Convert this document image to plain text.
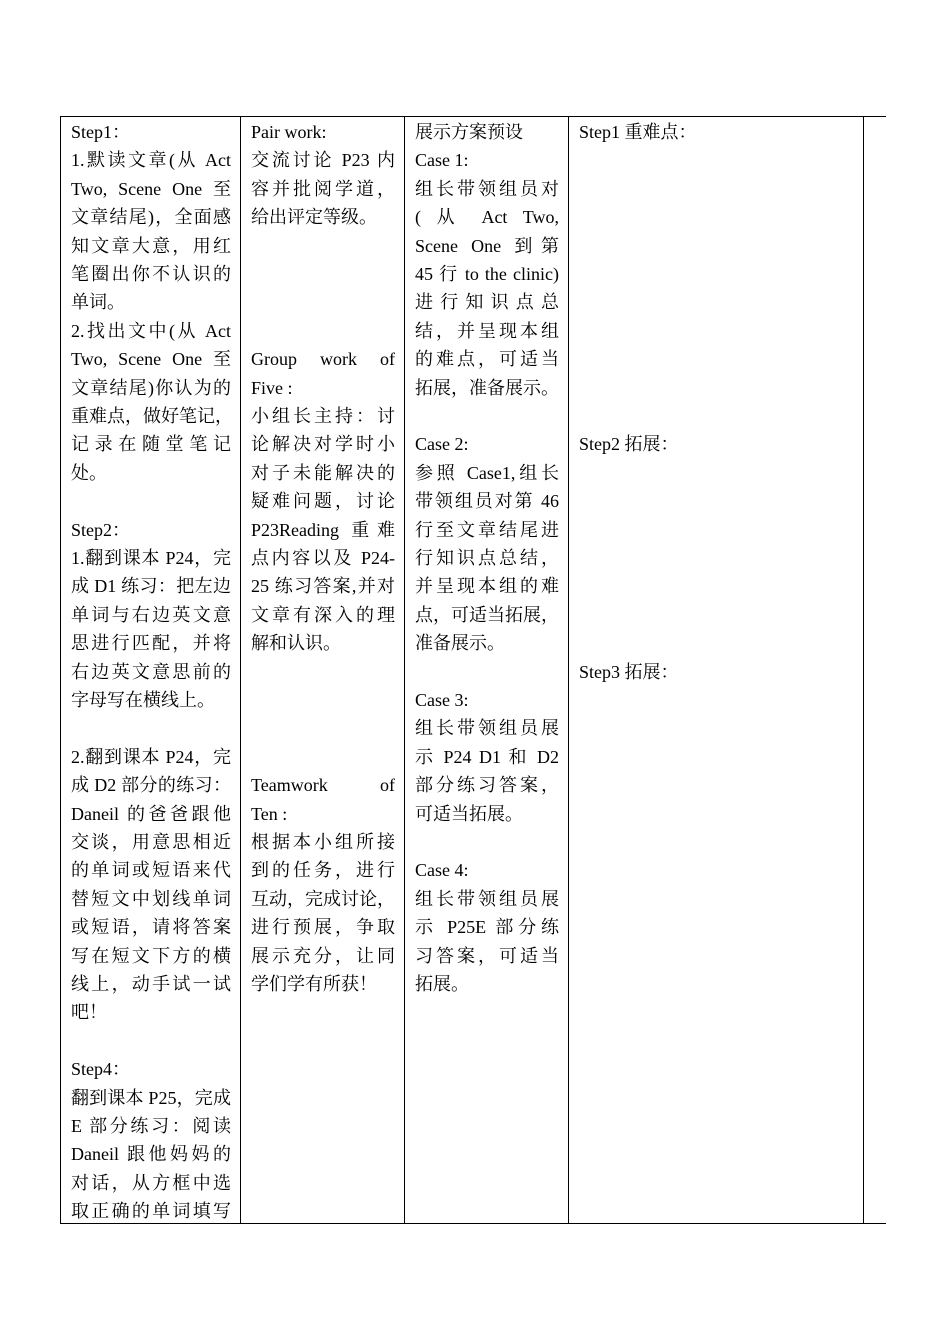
Step1：
1.默读文章(从 Act
Two, Scene One 至
文章结尾)，全面感
知文章大意，用红
笔圈出你不认识的
单词。
2.找出文中(从 Act
Two, Scene One 至
文章结尾)你认为的
重难点，做好笔记，
记录在随堂笔记
处。
Step2：
1.翻到课本 P24，完
成 D1 练习：把左边
单词与右边英文意
思进行匹配，并将
右边英文意思前的
字母写在横线上。
2.翻到课本 P24，完
成 D2 部分的练习：
Daneil 的爸爸跟他
交谈，用意思相近
的单词或短语来代
替短文中划线单词
或短语，请将答案
写在短文下方的横
线上，动手试一试
吧！
Step4：
翻到课本 P25，完成
E 部分练习：阅读
Daneil 跟他妈妈的
对话，从方框中选
取正确的单词填写
Pair work:
交流讨论 P23 内
容并批阅学道，
给出评定等级。
Group work of
Five :
小组长主持：讨
论解决对学时小
对子未能解决的
疑难问题，讨论
P23Reading 重难
点内容以及 P24-
25 练习答案,并对
文章有深入的理
解和认识。
Teamwork of
Ten :
根据本小组所接
到的任务，进行
互动，完成讨论，
进行预展，争取
展示充分，让同
学们学有所获！
展示方案预设
Case 1:
组长带领组员对
( 从 Act Two,
Scene One 到第
45 行 to the clinic)
进行知识点总
结，并呈现本组
的难点，可适当
拓展，准备展示。
Case 2:
参照 Case1,组长
带领组员对第 46
行至文章结尾进
行知识点总结，
并呈现本组的难
点，可适当拓展，
准备展示。
Case 3:
组长带领组员展
示 P24 D1 和 D2
部分练习答案，
可适当拓展。
Case 4:
组长带领组员展
示 P25E 部分练
习答案，可适当
拓展。
Step1 重难点：
Step2 拓展：
Step3 拓展：
